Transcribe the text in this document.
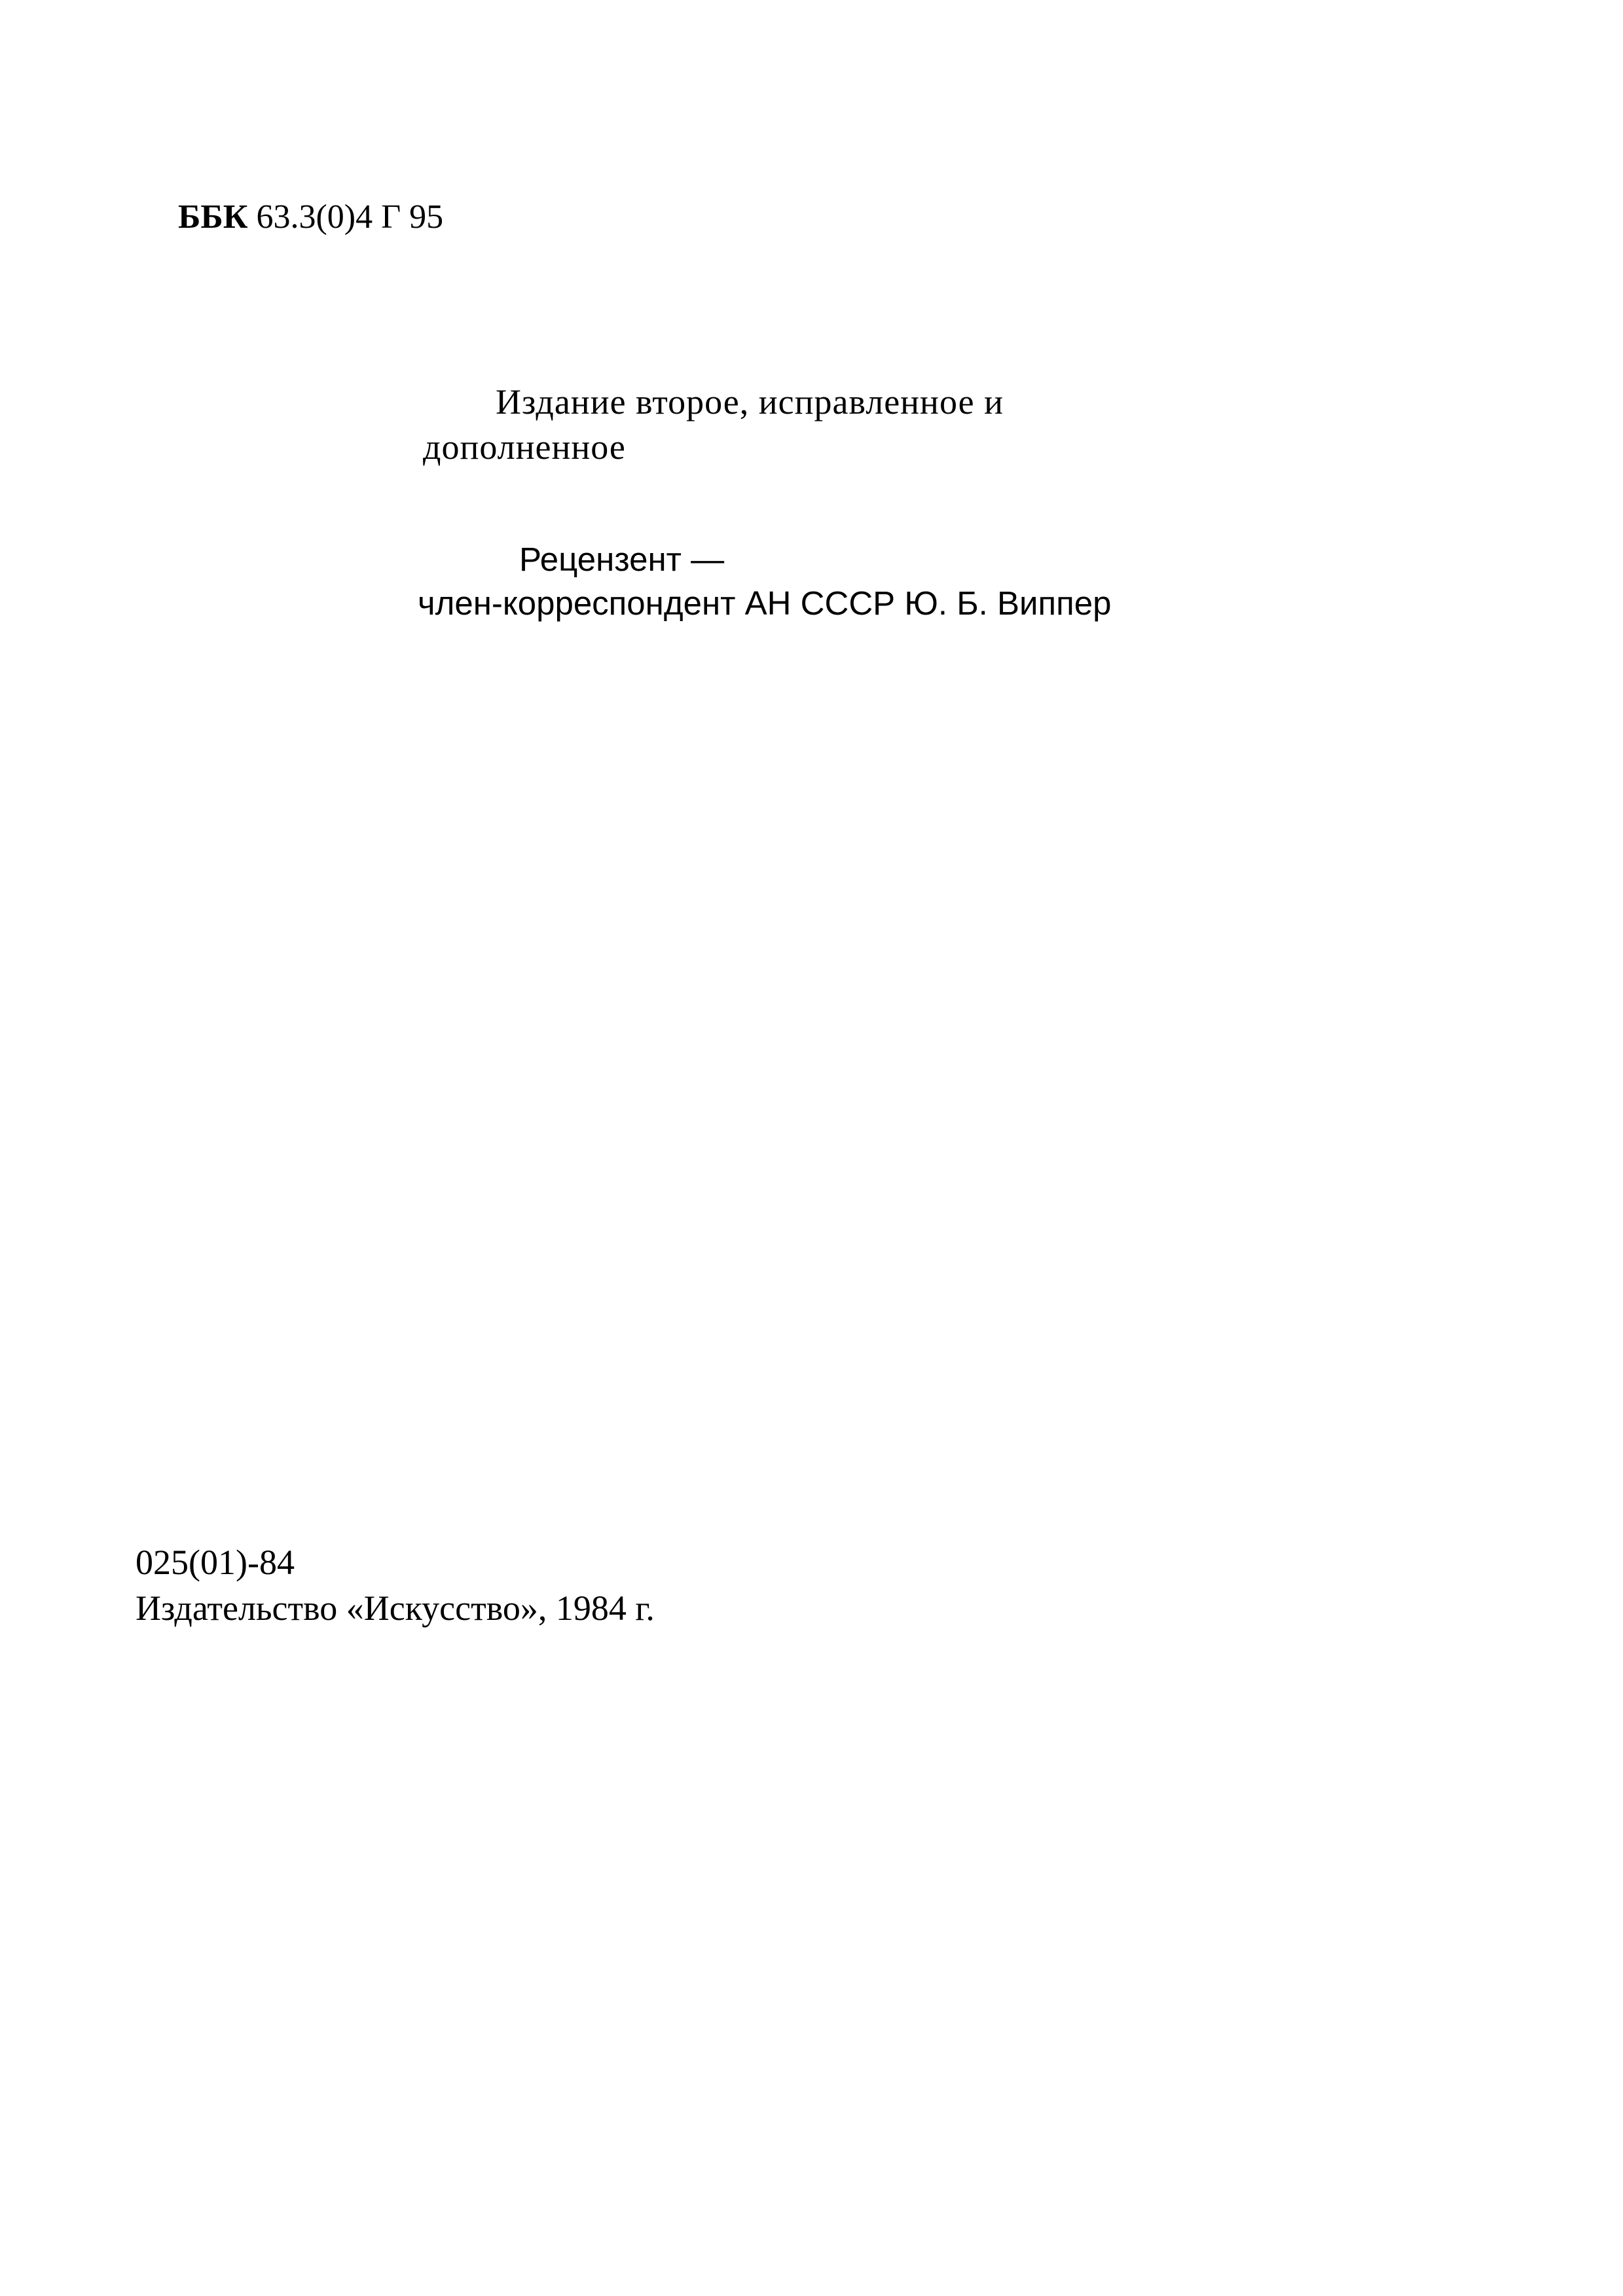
ББК 63.3(0)4 Г 95
Издание второе, исправленное и
дополненное
Рецензент —
член-корреспондент АН СССР Ю. Б. Виппер
025(01)-84
Издательство «Искусство», 1984 г.
